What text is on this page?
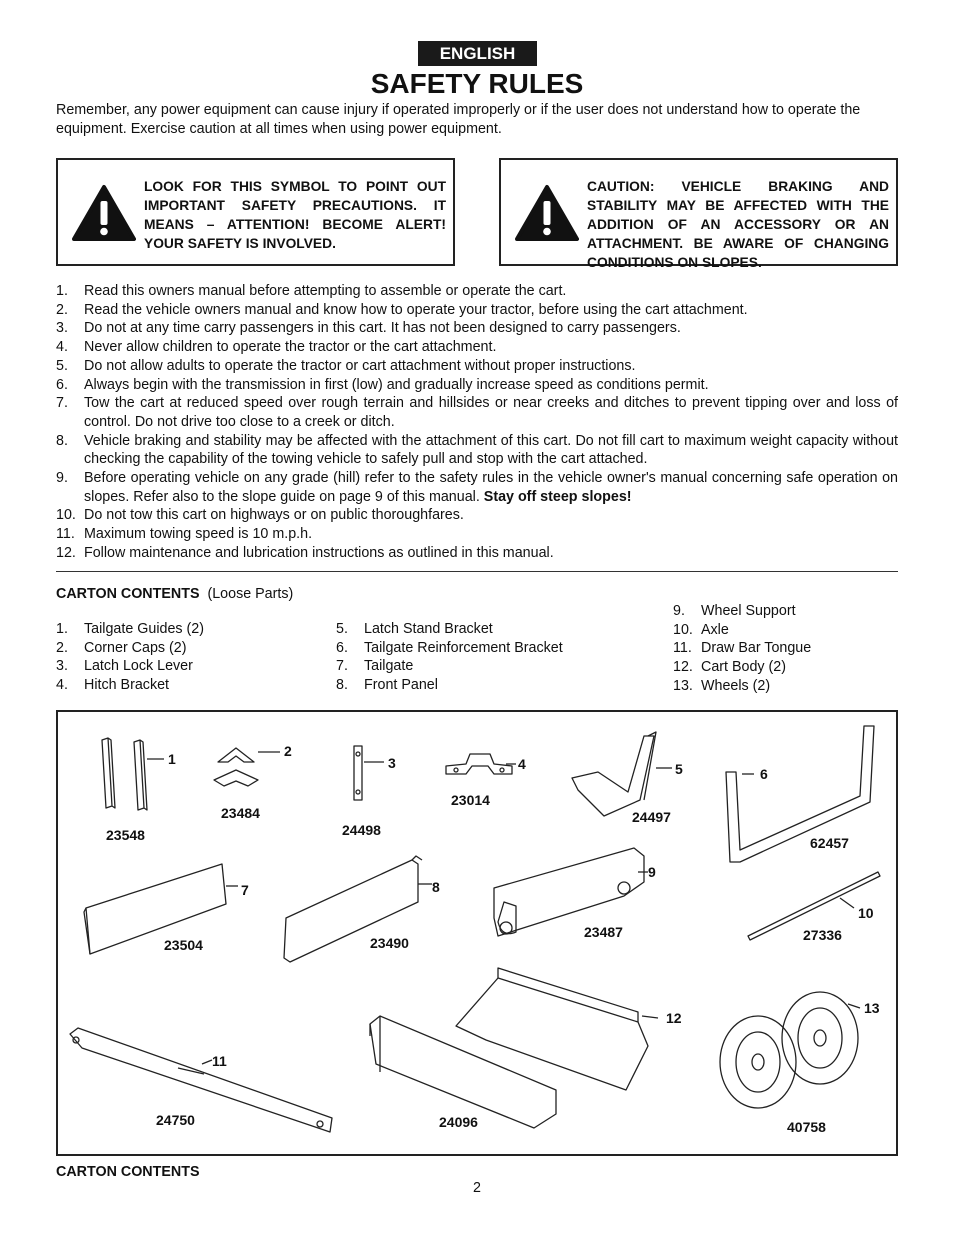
ENGLISH
SAFETY RULES
Remember, any power equipment can cause injury if operated improperly or if the user does not understand how to operate the equipment. Exercise caution at all times when using power equipment.
LOOK FOR THIS SYMBOL TO POINT OUT IMPORTANT SAFETY PRECAUTIONS. IT MEANS – ATTENTION! BECOME ALERT! YOUR SAFETY IS INVOLVED.
CAUTION: VEHICLE BRAKING AND STABILITY MAY BE AFFECTED WITH THE ADDITION OF AN ACCESSORY OR AN ATTACHMENT. BE AWARE OF CHANGING CONDITIONS ON SLOPES.
1. Read this owners manual before attempting to assemble or operate the cart.
2. Read the vehicle owners manual and know how to operate your tractor, before using the cart attachment.
3. Do not at any time carry passengers in this cart. It has not been designed to carry passengers.
4. Never allow children to operate the tractor or the cart attachment.
5. Do not allow adults to operate the tractor or cart attachment without proper instructions.
6. Always begin with the transmission in first (low) and gradually increase speed as conditions permit.
7. Tow the cart at reduced speed over rough terrain and hillsides or near creeks and ditches to prevent tipping over and loss of control. Do not drive too close to a creek or ditch.
8. Vehicle braking and stability may be affected with the attachment of this cart. Do not fill cart to maximum weight capacity without checking the capability of the towing vehicle to safely pull and stop with the cart attached.
9. Before operating vehicle on any grade (hill) refer to the safety rules in the vehicle owner's manual concerning safe operation on slopes. Refer also to the slope guide on page 9 of this manual. Stay off steep slopes!
10. Do not tow this cart on highways or on public thoroughfares.
11. Maximum towing speed is 10 m.p.h.
12. Follow maintenance and lubrication instructions as outlined in this manual.
CARTON CONTENTS (Loose Parts)
1. Tailgate Guides (2)
2. Corner Caps (2)
3. Latch Lock Lever
4. Hitch Bracket
5. Latch Stand Bracket
6. Tailgate Reinforcement Bracket
7. Tailgate
8. Front Panel
9. Wheel Support
10. Axle
11. Draw Bar Tongue
12. Cart Body (2)
13. Wheels (2)
1	2
3	4	5	6
7	8
9
10
11
12
13
23548
23484
24498
23014
24497
62457
23504	23490
23487	27336
24750	24096	40758
CARTON CONTENTS
2
